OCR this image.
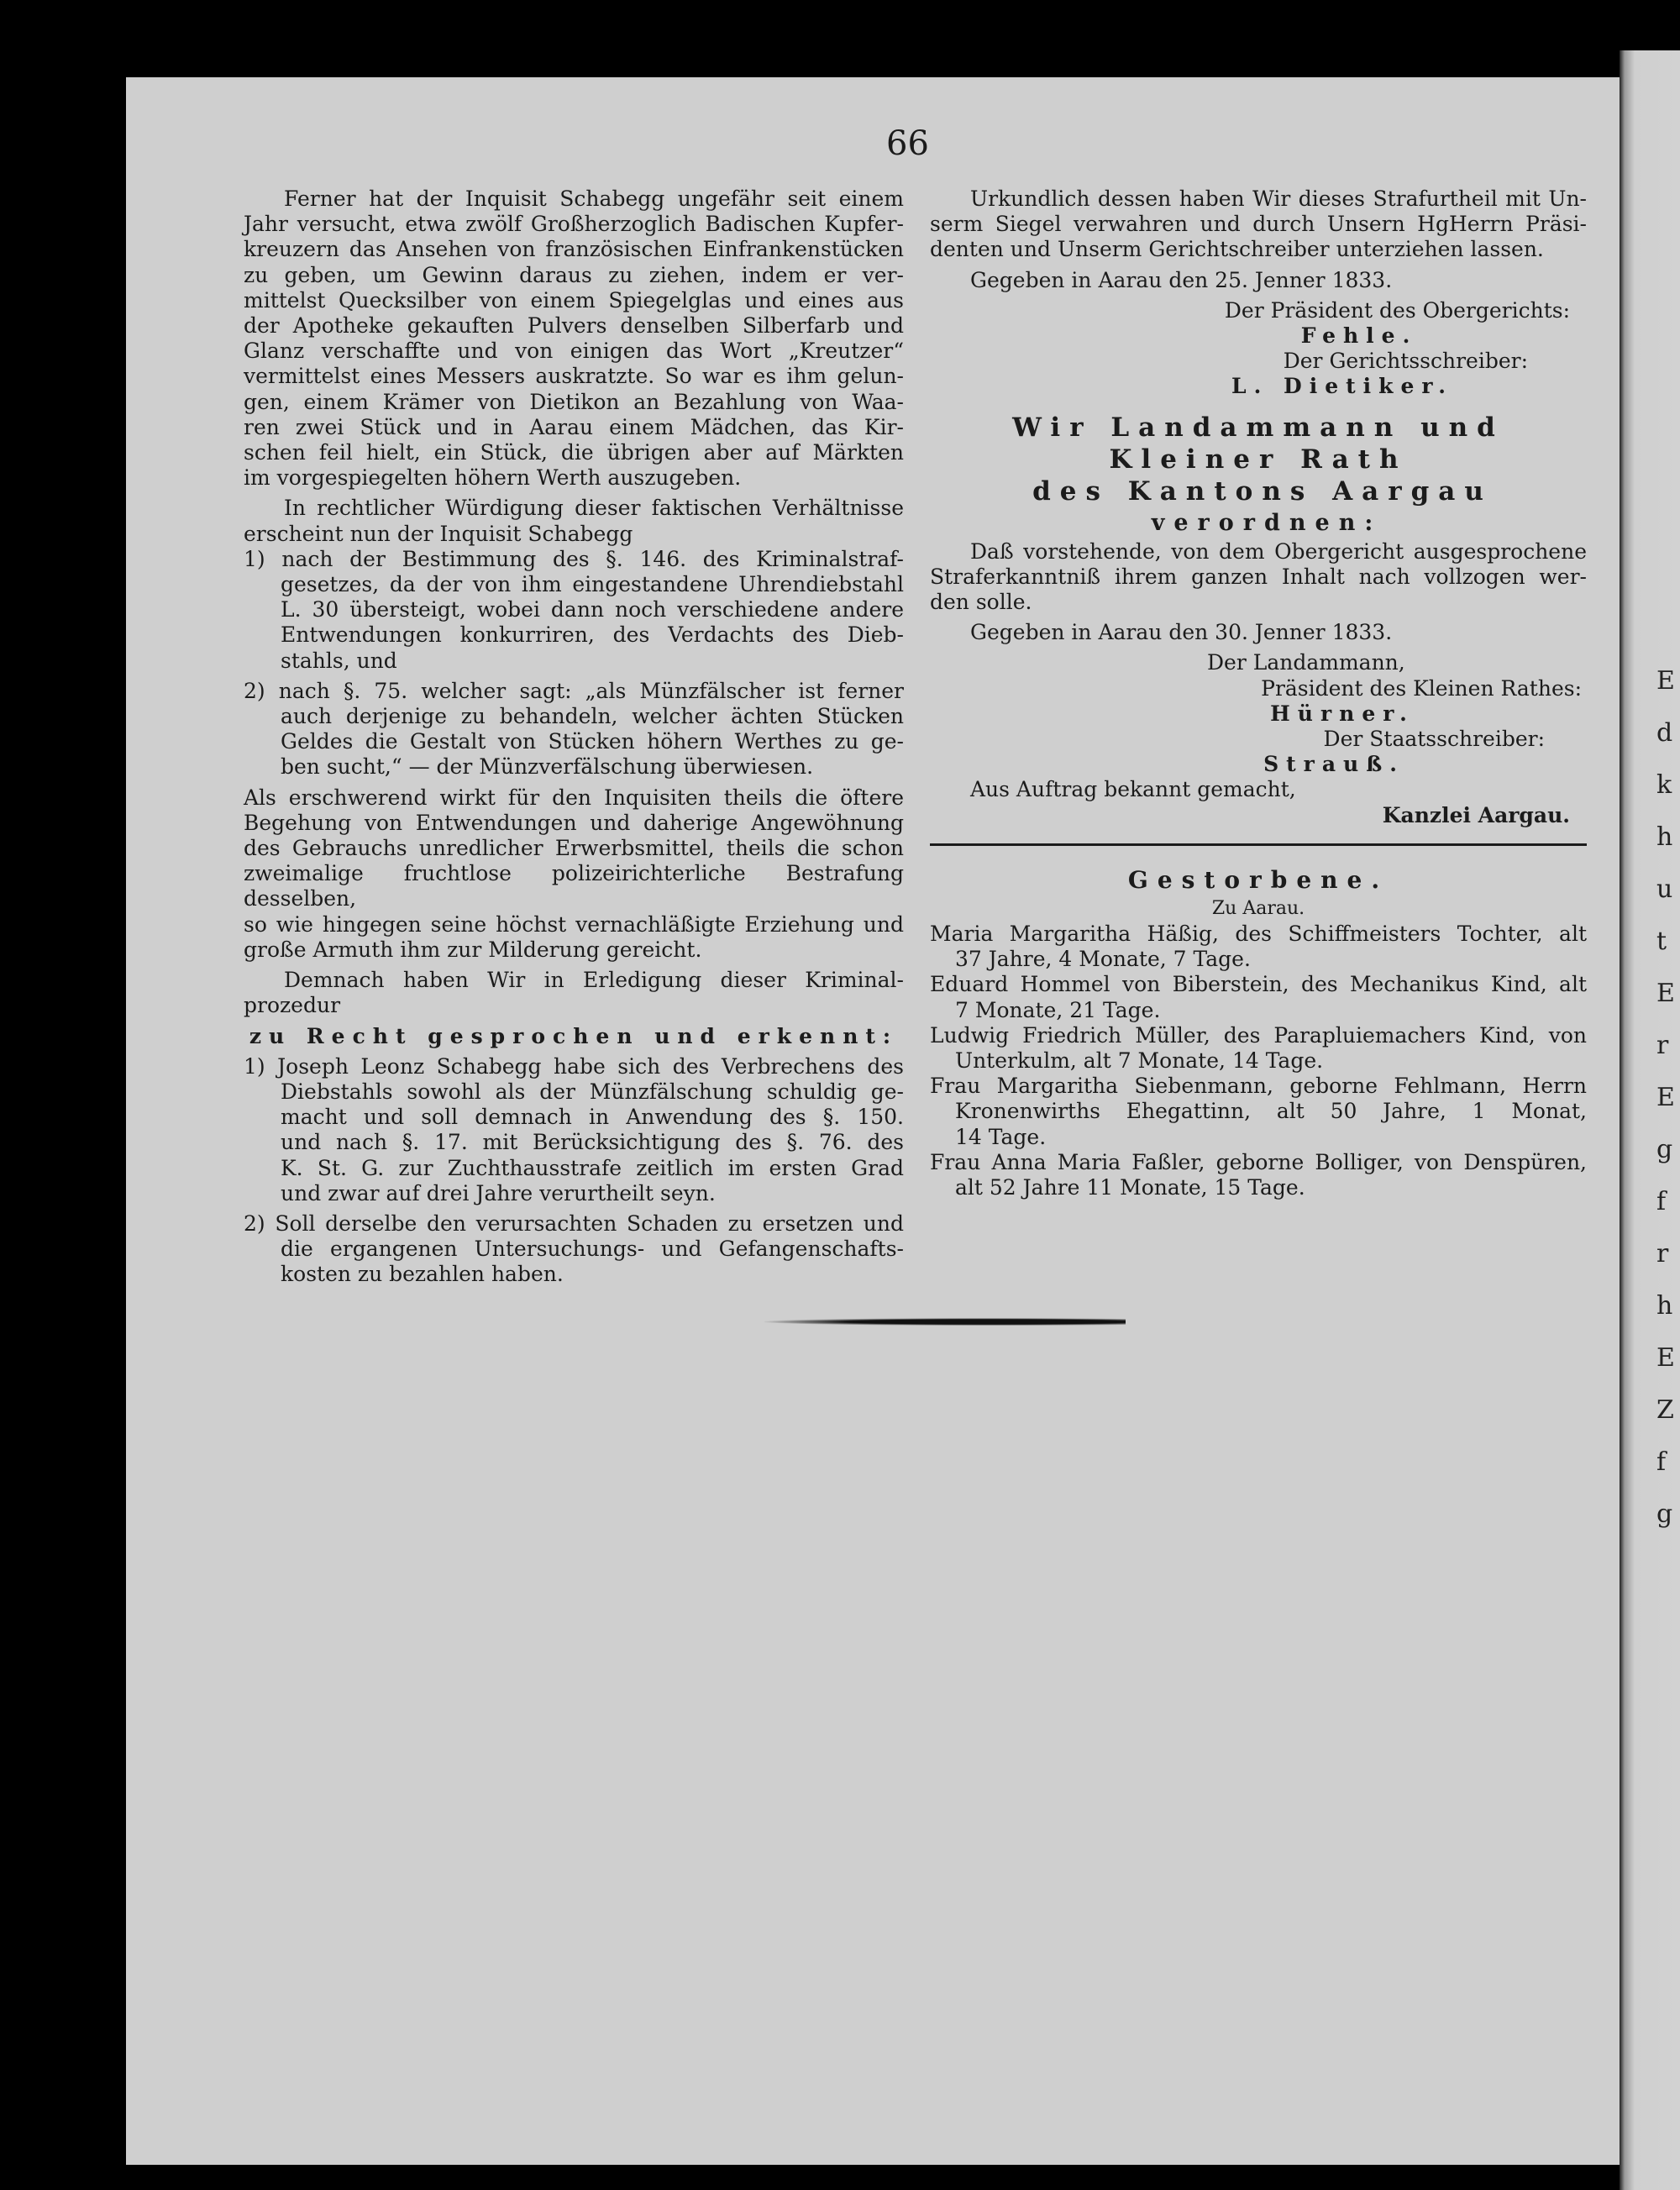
E
d
k
h
u
t
E
r
E
g
f
r
h
E
Z
f
g
66

Ferner hat der Inquisit Schabegg ungefähr seit einem

Jahr versucht, etwa zwölf Großherzoglich Badischen Kupfer-

kreuzern das Ansehen von französischen Einfrankenstücken

zu geben, um Gewinn daraus zu ziehen, indem er ver-

mittelst Quecksilber von einem Spiegelglas und eines aus

der Apotheke gekauften Pulvers denselben Silberfarb und

Glanz verschaffte und von einigen das Wort „Kreutzer“

vermittelst eines Messers auskratzte. So war es ihm gelun-

gen, einem Krämer von Dietikon an Bezahlung von Waa-

ren zwei Stück und in Aarau einem Mädchen, das Kir-

schen feil hielt, ein Stück, die übrigen aber auf Märkten

im vorgespiegelten höhern Werth auszugeben.

In rechtlicher Würdigung dieser faktischen Verhältnisse

erscheint nun der Inquisit Schabegg

1) nach der Bestimmung des §. 146. des Kriminalstraf-

gesetzes, da der von ihm eingestandene Uhrendiebstahl

L. 30 übersteigt, wobei dann noch verschiedene andere

Entwendungen konkurriren, des Verdachts des Dieb-

stahls, und

2) nach §. 75. welcher sagt: „als Münzfälscher ist ferner

auch derjenige zu behandeln, welcher ächten Stücken

Geldes die Gestalt von Stücken höhern Werthes zu ge-

ben sucht,“ — der Münzverfälschung überwiesen.

Als erschwerend wirkt für den Inquisiten theils die öftere

Begehung von Entwendungen und daherige Angewöhnung

des Gebrauchs unredlicher Erwerbsmittel, theils die schon

zweimalige fruchtlose polizeirichterliche Bestrafung desselben,

so wie hingegen seine höchst vernachläßigte Erziehung und

große Armuth ihm zur Milderung gereicht.

Demnach haben Wir in Erledigung dieser Kriminal-

prozedur

zu Recht gesprochen und erkennt:

1) Joseph Leonz Schabegg habe sich des Verbrechens des

Diebstahls sowohl als der Münzfälschung schuldig ge-

macht und soll demnach in Anwendung des §. 150.

und nach §. 17. mit Berücksichtigung des §. 76. des

K. St. G. zur Zuchthausstrafe zeitlich im ersten Grad

und zwar auf drei Jahre verurtheilt seyn.

2) Soll derselbe den verursachten Schaden zu ersetzen und

die ergangenen Untersuchungs- und Gefangenschafts-

kosten zu bezahlen haben.

Urkundlich dessen haben Wir dieses Strafurtheil mit Un-

serm Siegel verwahren und durch Unsern HgHerrn Präsi-

denten und Unserm Gerichtschreiber unterziehen lassen.

Gegeben in Aarau den 25. Jenner 1833.

Der Präsident des Obergerichts:

Fehle.

Der Gerichtsschreiber:

L. Dietiker.

Wir Landammann und Kleiner Rath

des Kantons Aargau

verordnen:

Daß vorstehende, von dem Obergericht ausgesprochene

Straferkanntniß ihrem ganzen Inhalt nach vollzogen wer-

den solle.

Gegeben in Aarau den 30. Jenner 1833.

Der Landammann,

Präsident des Kleinen Rathes:

Hürner.

Der Staatsschreiber:

Strauß.

Aus Auftrag bekannt gemacht,

Kanzlei Aargau.

Gestorbene.

Zu Aarau.

Maria Margaritha Häßig, des Schiffmeisters Tochter, alt

37 Jahre, 4 Monate, 7 Tage.

Eduard Hommel von Biberstein, des Mechanikus Kind, alt

7 Monate, 21 Tage.

Ludwig Friedrich Müller, des Parapluiemachers Kind, von

Unterkulm, alt 7 Monate, 14 Tage.

Frau Margaritha Siebenmann, geborne Fehlmann, Herrn

Kronenwirths Ehegattinn, alt 50 Jahre, 1 Monat,

14 Tage.

Frau Anna Maria Faßler, geborne Bolliger, von Denspüren,

alt 52 Jahre 11 Monate, 15 Tage.
